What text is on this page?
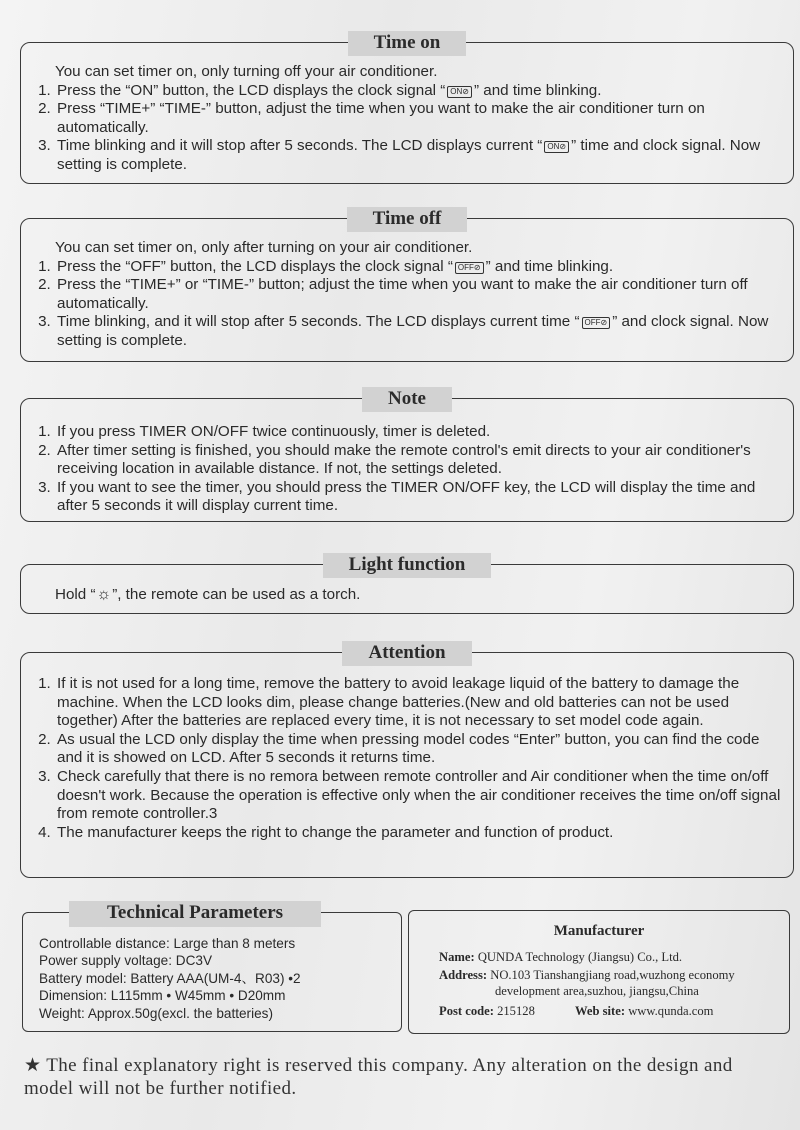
Time on
You can set timer on, only turning off your air conditioner.
1. Press the “ON” button, the LCD displays the clock signal “ ON⊘ ” and time blinking.
2. Press “TIME+” “TIME-” button, adjust the time when you want to make the air conditioner turn on automatically.
3. Time blinking and it will stop after 5 seconds. The LCD displays current “ ON⊘ ” time and clock signal. Now setting is complete.
Time off
You can set timer on, only after turning on your air conditioner.
1. Press the “OFF” button, the LCD displays the clock signal “ OFF⊘ ” and time blinking.
2. Press the “TIME+” or “TIME-” button; adjust the time when you want to make the air conditioner turn off automatically.
3. Time blinking, and it will stop after 5 seconds. The LCD displays current time “ OFF⊘ ” and clock signal. Now setting is complete.
Note
1. If you press TIMER ON/OFF twice continuously, timer is deleted.
2. After timer setting is finished, you should make the remote control's emit directs to your air conditioner's receiving location in available distance. If not, the settings deleted.
3. If you want to see the timer, you should press the TIMER ON/OFF key, the LCD will display the time and after 5 seconds it will display current time.
Light function
Hold “☼”, the remote can be used as a torch.
Attention
1. If it is not used for a long time, remove the battery to avoid leakage liquid of the battery to damage the machine. When the LCD looks dim, please change batteries.(New and old batteries can not be used together) After the batteries are replaced every time, it is not necessary to set model code again.
2. As usual the LCD only display the time when pressing model codes “Enter” button, you can find the code and it is showed on LCD. After 5 seconds it returns time.
3. Check carefully that there is no remora between remote controller and Air conditioner when the time on/off doesn't work. Because the operation is effective only when the air conditioner receives the time on/off signal from remote controller.3
4. The manufacturer keeps the right to change the parameter and function of product.
Technical Parameters
Controllable distance: Large than 8 meters
Power supply voltage: DC3V
Battery model: Battery AAA(UM-4、R03) •2
Dimension: L115mm • W45mm • D20mm
Weight: Approx.50g(excl. the batteries)
Manufacturer
Name: QUNDA Technology (Jiangsu) Co., Ltd.
Address: NO.103 Tianshangjiang road,wuzhong economy
development area,suzhou, jiangsu,China
Post code: 215128	Web site: www.qunda.com
★ The final explanatory right is reserved this company. Any alteration on the design and model will not be further notified.
